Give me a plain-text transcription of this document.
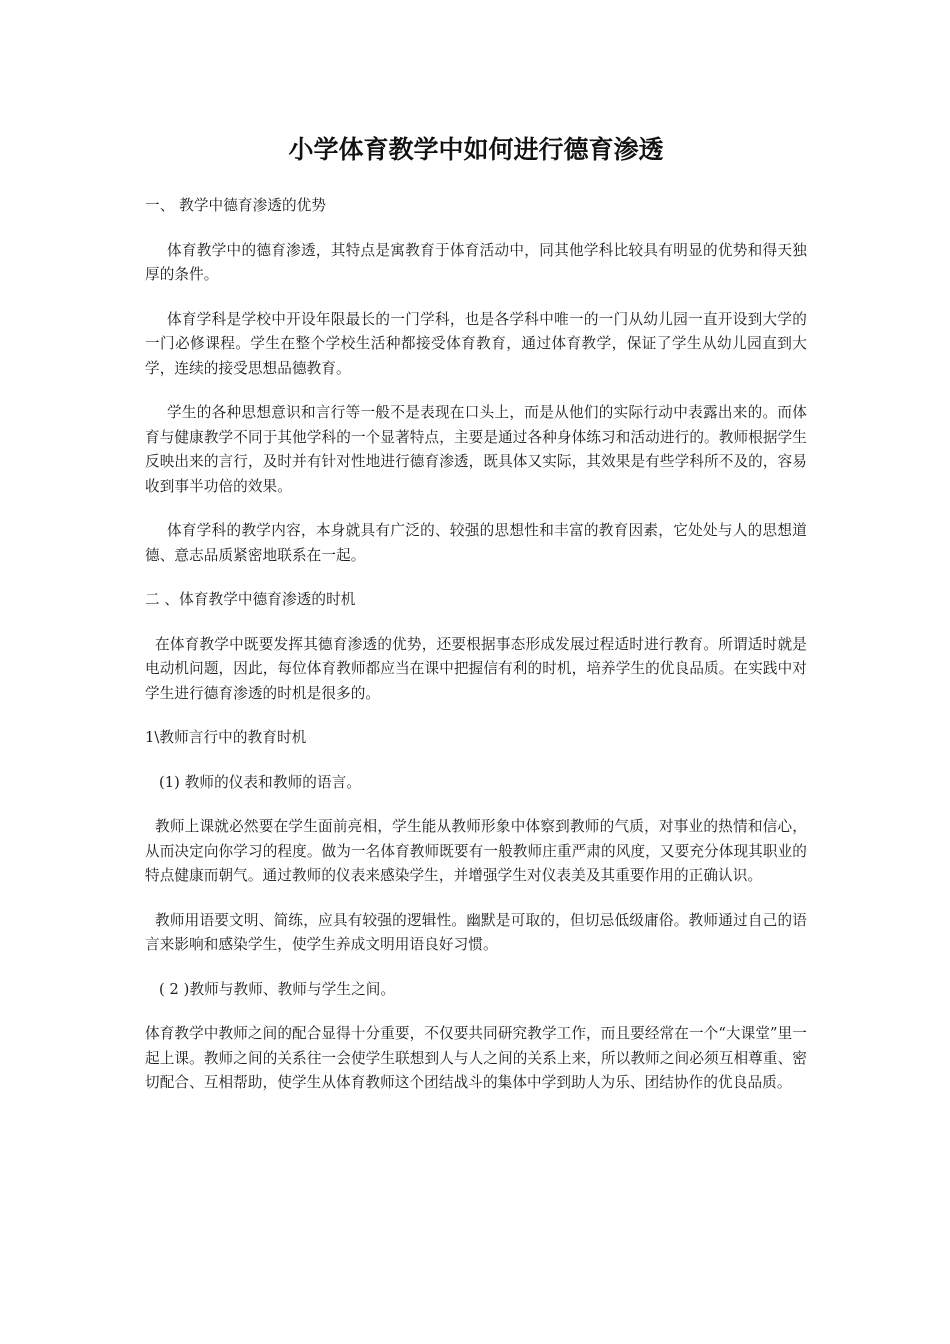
小学体育教学中如何进行德育渗透

一、 教学中德育渗透的优势

体育教学中的德育渗透，其特点是寓教育于体育活动中，同其他学科比较具有明显的优势和得天独厚的条件。

体育学科是学校中开设年限最长的一门学科，也是各学科中唯一的一门从幼儿园一直开设到大学的一门必修课程。学生在整个学校生活种都接受体育教育，通过体育教学，保证了学生从幼儿园直到大学，连续的接受思想品德教育。

学生的各种思想意识和言行等一般不是表现在口头上，而是从他们的实际行动中表露出来的。而体育与健康教学不同于其他学科的一个显著特点，主要是通过各种身体练习和活动进行的。教师根据学生反映出来的言行，及时并有针对性地进行德育渗透，既具体又实际，其效果是有些学科所不及的，容易收到事半功倍的效果。

体育学科的教学内容，本身就具有广泛的、较强的思想性和丰富的教育因素，它处处与人的思想道德、意志品质紧密地联系在一起。

二 、体育教学中德育渗透的时机

在体育教学中既要发挥其德育渗透的优势，还要根据事态形成发展过程适时进行教育。所谓适时就是电动机问题，因此，每位体育教师都应当在课中把握信有利的时机，培养学生的优良品质。在实践中对学生进行德育渗透的时机是很多的。

1\教师言行中的教育时机

(1) 教师的仪表和教师的语言。

教师上课就必然要在学生面前亮相，学生能从教师形象中体察到教师的气质，对事业的热情和信心，从而决定向你学习的程度。做为一名体育教师既要有一般教师庄重严肃的风度，又要充分体现其职业的特点健康而朝气。通过教师的仪表来感染学生，并增强学生对仪表美及其重要作用的正确认识。

教师用语要文明、简练，应具有较强的逻辑性。幽默是可取的，但切忌低级庸俗。教师通过自己的语言来影响和感染学生，使学生养成文明用语良好习惯。

( 2 )教师与教师、教师与学生之间。

体育教学中教师之间的配合显得十分重要，不仅要共同研究教学工作，而且要经常在一个“大课堂”里一起上课。教师之间的关系往一会使学生联想到人与人之间的关系上来，所以教师之间必须互相尊重、密切配合、互相帮助，使学生从体育教师这个团结战斗的集体中学到助人为乐、团结协作的优良品质。
